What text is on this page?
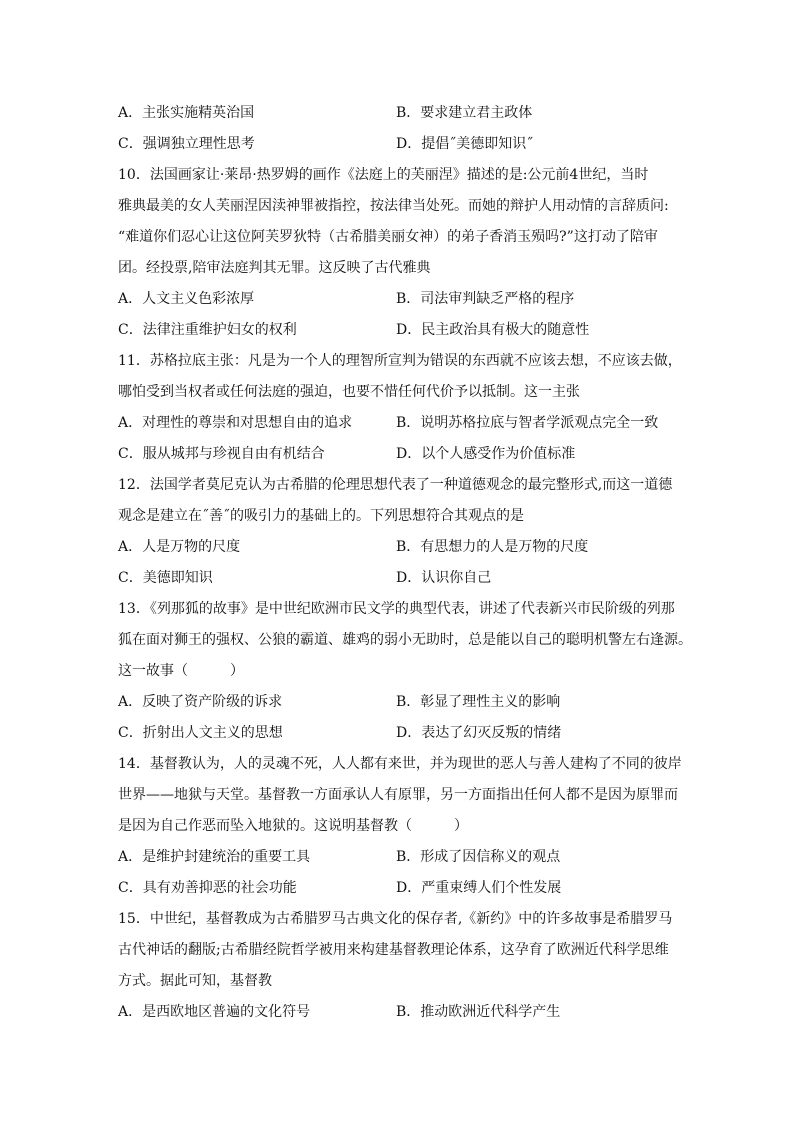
A．主张实施精英治国	B．要求建立君主政体
C．强调独立理性思考	D．提倡˝美德即知识˝
10．法国画家让·莱昂·热罗姆的画作《法庭上的芙丽涅》描述的是:公元前4世纪，当时
雅典最美的女人芙丽涅因渎神罪被指控，按法律当处死。而她的辩护人用动情的言辞质问:
“难道你们忍心让这位阿芙罗狄特（古希腊美丽女神）的弟子香消玉殒吗?”这打动了陪审
团。经投票,陪审法庭判其无罪。这反映了古代雅典
A．人文主义色彩浓厚	B．司法审判缺乏严格的程序
C．法律注重维护妇女的权利	D．民主政治具有极大的随意性
11．苏格拉底主张：凡是为一个人的理智所宣判为错误的东西就不应该去想，不应该去做，
哪怕受到当权者或任何法庭的强迫，也要不惜任何代价予以抵制。这一主张
A．对理性的尊崇和对思想自由的追求	B．说明苏格拉底与智者学派观点完全一致
C．服从城邦与珍视自由有机结合	D．以个人感受作为价值标准
12．法国学者莫尼克认为古希腊的伦理思想代表了一种道德观念的最完整形式,而这一道德
观念是建立在˝善˝的吸引力的基础上的。下列思想符合其观点的是
A．人是万物的尺度	B．有思想力的人是万物的尺度
C．美德即知识	D．认识你自己
13．《列那狐的故事》是中世纪欧洲市民文学的典型代表，讲述了代表新兴市民阶级的列那
狐在面对狮王的强权、公狼的霸道、雄鸡的弱小无助时，总是能以自己的聪明机警左右逢源。
这一故事（　　　）
A．反映了资产阶级的诉求	B．彰显了理性主义的影响
C．折射出人文主义的思想	D．表达了幻灭反叛的情绪
14．基督教认为，人的灵魂不死，人人都有来世，并为现世的恶人与善人建构了不同的彼岸
世界——地狱与天堂。基督教一方面承认人有原罪，另一方面指出任何人都不是因为原罪而
是因为自己作恶而坠入地狱的。这说明基督教（　　　）
A．是维护封建统治的重要工具	B．形成了因信称义的观点
C．具有劝善抑恶的社会功能	D．严重束缚人们个性发展
15．中世纪，基督教成为古希腊罗马古典文化的保存者,《新约》中的许多故事是希腊罗马
古代神话的翻版;古希腊经院哲学被用来构建基督教理论体系，这孕育了欧洲近代科学思维
方式。据此可知，基督教
A．是西欧地区普遍的文化符号	B．推动欧洲近代科学产生
